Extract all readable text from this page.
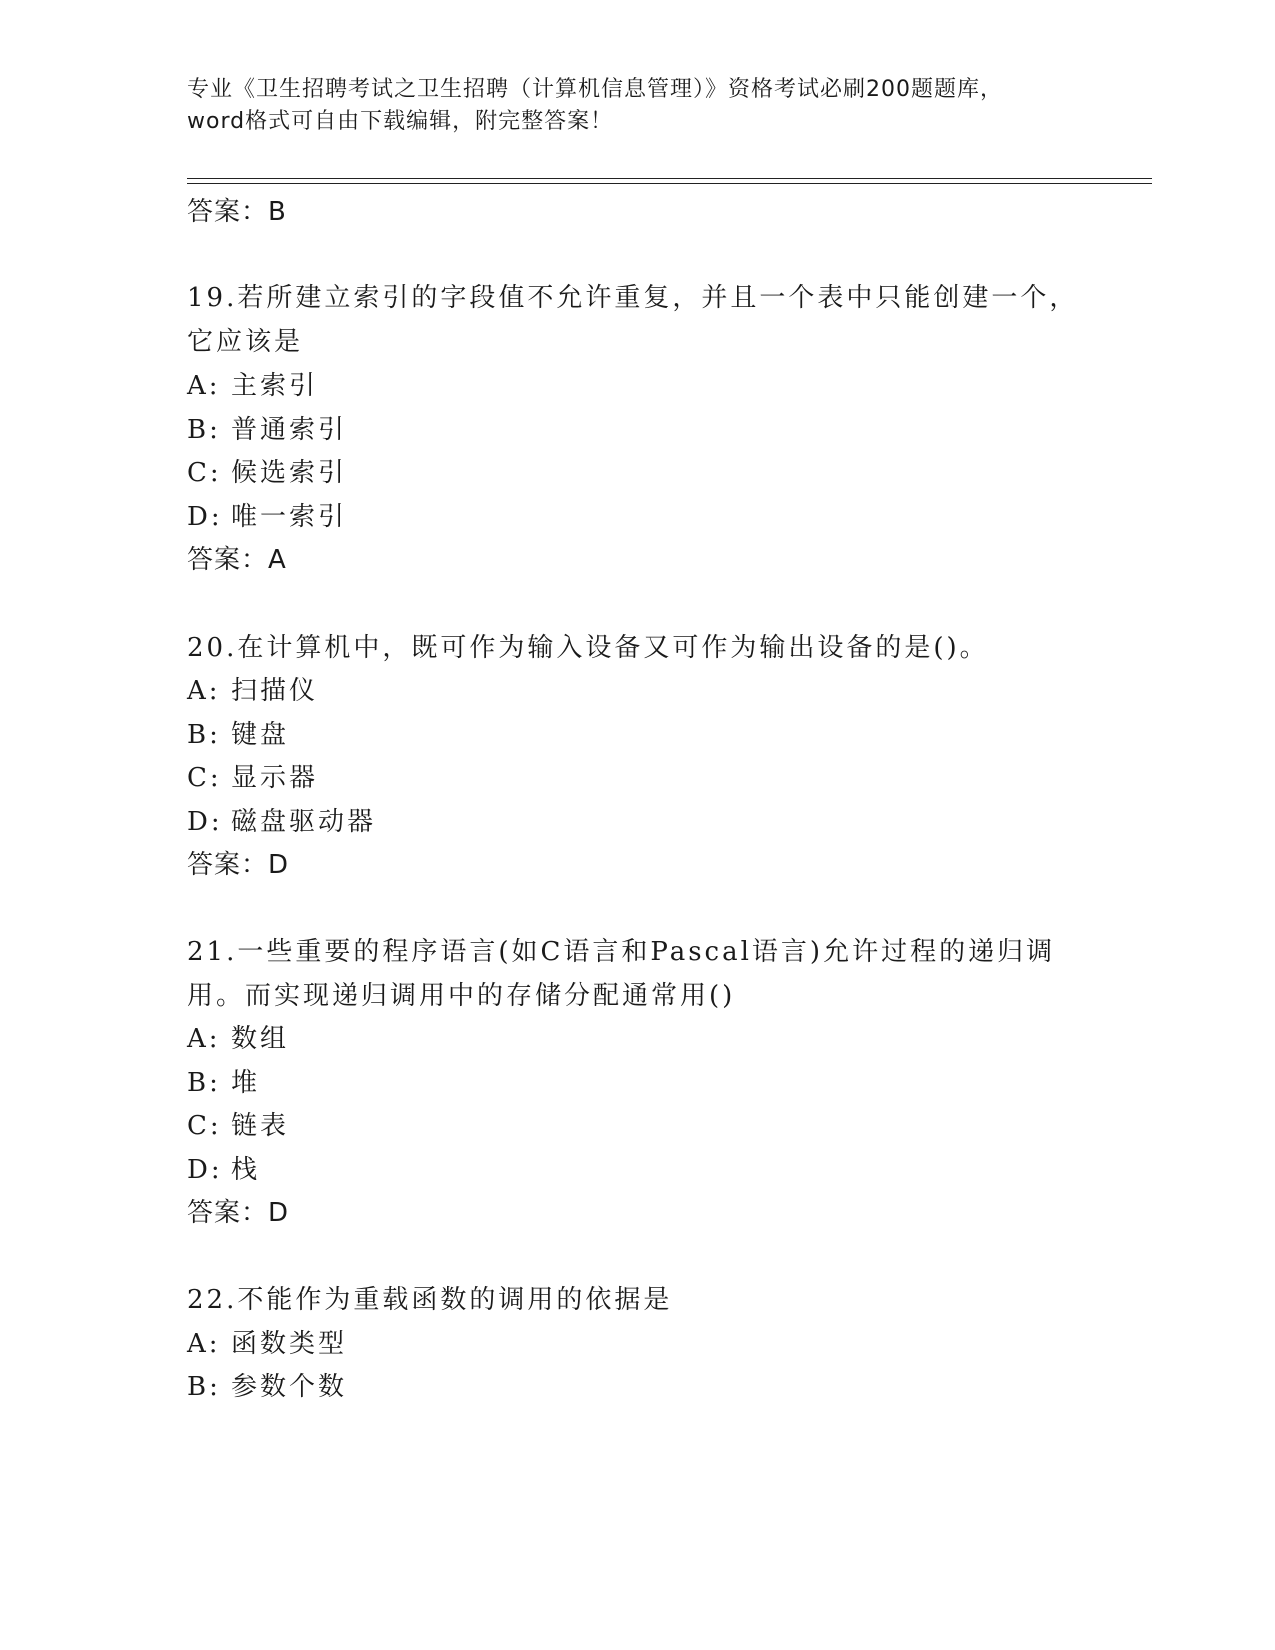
专业《卫生招聘考试之卫生招聘（计算机信息管理）》资格考试必刷200题题库，
word格式可自由下载编辑，附完整答案！
答案：B
19.若所建立索引的字段值不允许重复，并且一个表中只能创建一个，
它应该是
A: 主索引
B: 普通索引
C: 候选索引
D: 唯一索引
答案：A
20.在计算机中，既可作为输入设备又可作为输出设备的是()。
A: 扫描仪
B: 键盘
C: 显示器
D: 磁盘驱动器
答案：D
21.一些重要的程序语言(如C语言和Pascal语言)允许过程的递归调
用。而实现递归调用中的存储分配通常用()
A: 数组
B: 堆
C: 链表
D: 栈
答案：D
22.不能作为重载函数的调用的依据是
A: 函数类型
B: 参数个数
